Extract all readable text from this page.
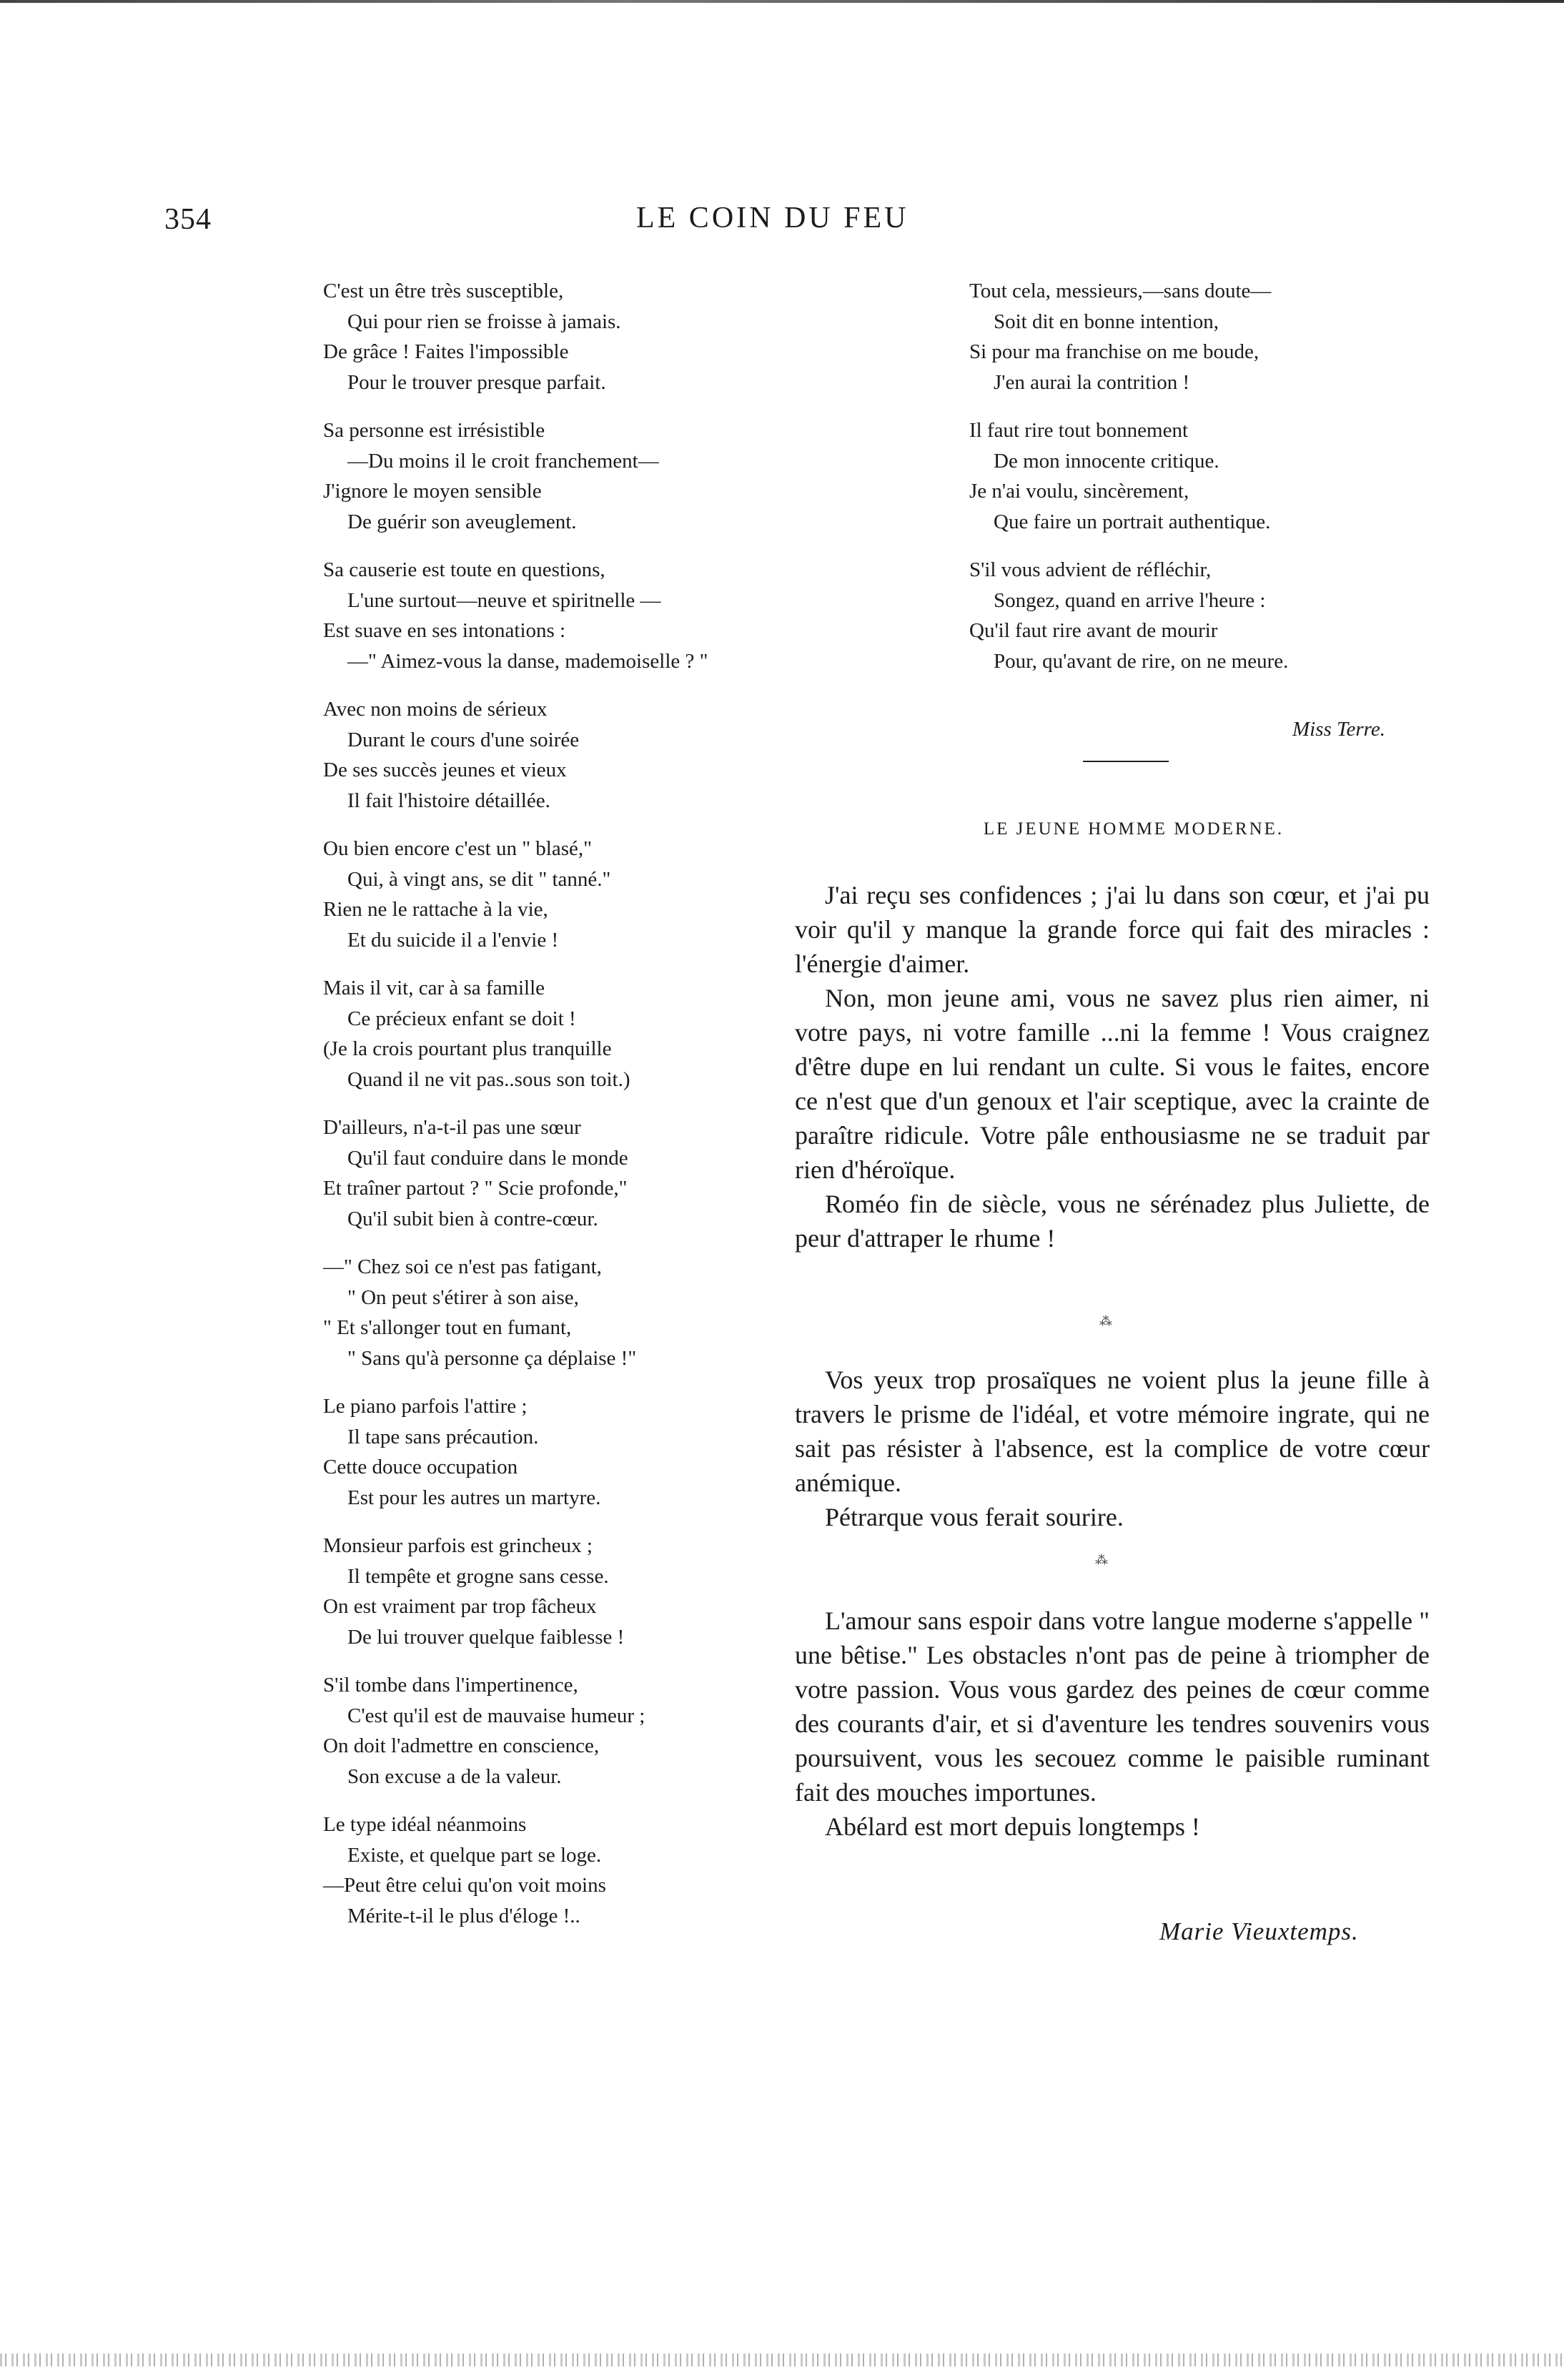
354	LE COIN DU FEU
C'est un être très susceptible,
Qui pour rien se froisse à jamais.
De grâce ! Faites l'impossible
Pour le trouver presque parfait.
Sa personne est irrésistible
—Du moins il le croit franchement—
J'ignore le moyen sensible
De guérir son aveuglement.
Sa causerie est toute en questions,
L'une surtout—neuve et spiritnelle —
Est suave en ses intonations :
—" Aimez-vous la danse, mademoiselle ? "
Avec non moins de sérieux
Durant le cours d'une soirée
De ses succès jeunes et vieux
Il fait l'histoire détaillée.
Ou bien encore c'est un " blasé,"
Qui, à vingt ans, se dit " tanné."
Rien ne le rattache à la vie,
Et du suicide il a l'envie !
Mais il vit, car à sa famille
Ce précieux enfant se doit !
(Je la crois pourtant plus tranquille
Quand il ne vit pas..sous son toit.)
D'ailleurs, n'a-t-il pas une sœur
Qu'il faut conduire dans le monde
Et traîner partout ? " Scie profonde,"
Qu'il subit bien à contre-cœur.
—" Chez soi ce n'est pas fatigant,
" On peut s'étirer à son aise,
" Et s'allonger tout en fumant,
" Sans qu'à personne ça déplaise !"
Le piano parfois l'attire ;
Il tape sans précaution.
Cette douce occupation
Est pour les autres un martyre.
Monsieur parfois est grincheux ;
Il tempête et grogne sans cesse.
On est vraiment par trop fâcheux
De lui trouver quelque faiblesse !
S'il tombe dans l'impertinence,
C'est qu'il est de mauvaise humeur ;
On doit l'admettre en conscience,
Son excuse a de la valeur.
Le type idéal néanmoins
Existe, et quelque part se loge.
—Peut être celui qu'on voit moins
Mérite-t-il le plus d'éloge !..
Tout cela, messieurs,—sans doute—
Soit dit en bonne intention,
Si pour ma franchise on me boude,
J'en aurai la contrition !
Il faut rire tout bonnement
De mon innocente critique.
Je n'ai voulu, sincèrement,
Que faire un portrait authentique.
S'il vous advient de réfléchir,
Songez, quand en arrive l'heure :
Qu'il faut rire avant de mourir
Pour, qu'avant de rire, on ne meure.
Miss Terre.
LE JEUNE HOMME MODERNE.

J'ai reçu ses confidences ; j'ai lu dans son cœur, et j'ai pu voir qu'il y manque la grande force qui fait des miracles : l'énergie d'aimer.

Non, mon jeune ami, vous ne savez plus rien aimer, ni votre pays, ni votre famille ...ni la femme ! Vous craignez d'être dupe en lui rendant un culte. Si vous le faites, encore ce n'est que d'un genoux et l'air sceptique, avec la crainte de paraître ridicule. Votre pâle enthousiasme ne se traduit par rien d'héroïque.

Roméo fin de siècle, vous ne sérénadez plus Juliette, de peur d'attraper le rhume !

⁂

Vos yeux trop prosaïques ne voient plus la jeune fille à travers le prisme de l'idéal, et votre mémoire ingrate, qui ne sait pas résister à l'absence, est la complice de votre cœur anémique.

Pétrarque vous ferait sourire.

⁂

L'amour sans espoir dans votre langue moderne s'appelle " une bêtise." Les obstacles n'ont pas de peine à triompher de votre passion. Vous vous gardez des peines de cœur comme des courants d'air, et si d'aventure les tendres souvenirs vous poursuivent, vous les secouez comme le paisible ruminant fait des mouches importunes.

Abélard est mort depuis longtemps !

Marie Vieuxtemps.
